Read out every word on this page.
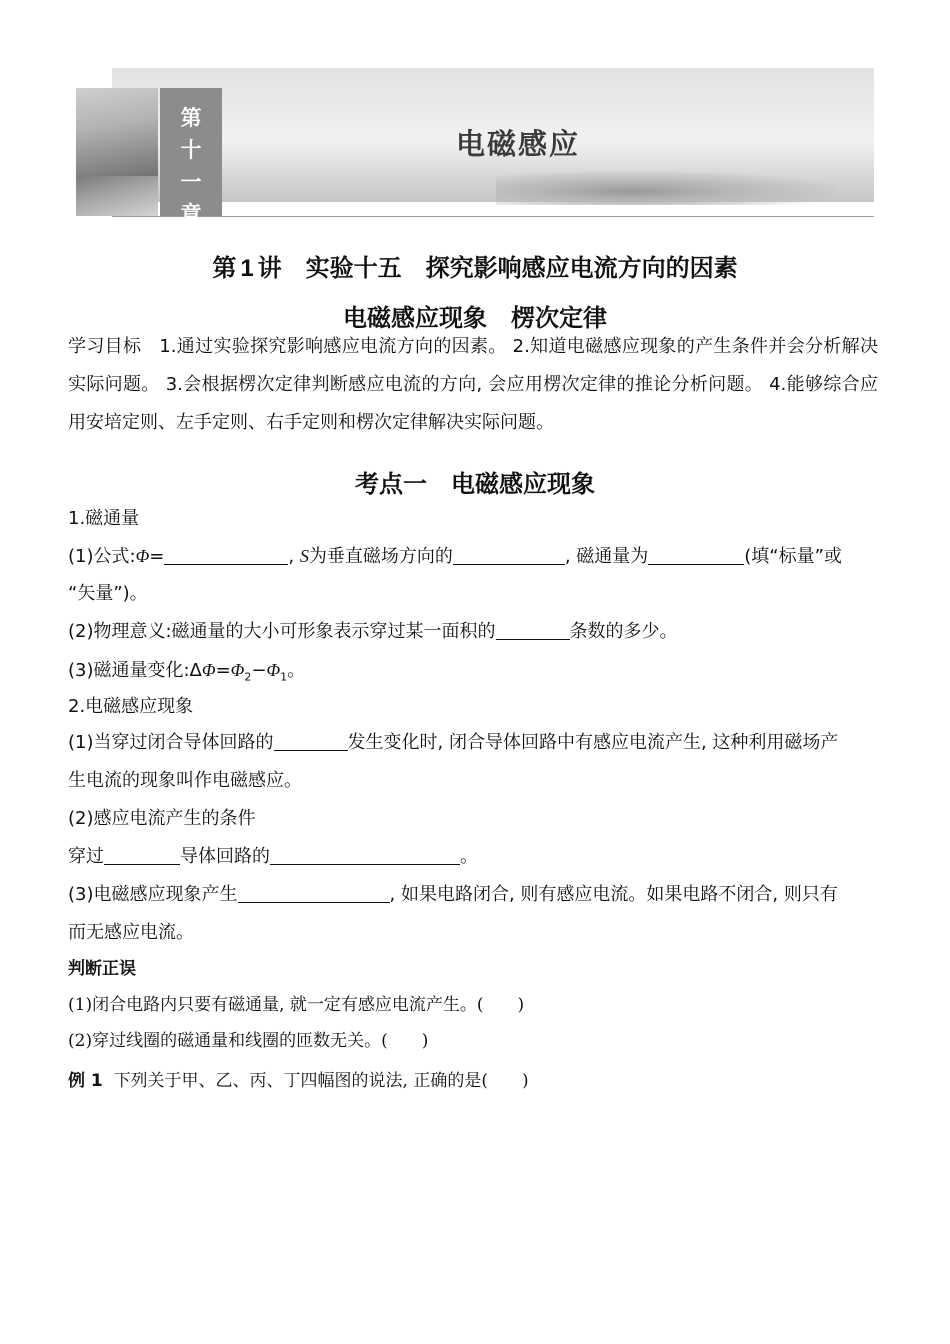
第
十
一
章
电磁感应
第 1 讲　实验十五　探究影响感应电流方向的因素
电磁感应现象 楞次定律
学习目标 1.通过实验探究影响感应电流方向的因素。 2.知道电磁感应现象的产生条件并会分析解决实际问题。 3.会根据楞次定律判断感应电流的方向, 会应用楞次定律的推论分析问题。 4.能够综合应用安培定则、左手定则、右手定则和楞次定律解决实际问题。
考点一　电磁感应现象
1.磁通量
(1)公式:Φ=	, S为垂直磁场方向的	, 磁通量为	(填“标量”或
“矢量”)。
(2)物理意义:磁通量的大小可形象表示穿过某一面积的	条数的多少。
(3)磁通量变化$:\Delta\Phi=\Phi_2-\Phi_1$。
2.电磁感应现象
(1)当穿过闭合导体回路的	发生变化时, 闭合导体回路中有感应电流产生, 这种利用磁场产
生电流的现象叫作电磁感应。
(2)感应电流产生的条件
穿过	导体回路的	。
(3)电磁感应现象产生	, 如果电路闭合, 则有感应电流。如果电路不闭合, 则只有
而无感应电流。
判断正误
(1)闭合电路内只要有磁通量, 就一定有感应电流产生。(　　)
(2)穿过线圈的磁通量和线圈的匝数无关。(　　)
例 1 下列关于甲、乙、丙、丁四幅图的说法, 正确的是(　　)
